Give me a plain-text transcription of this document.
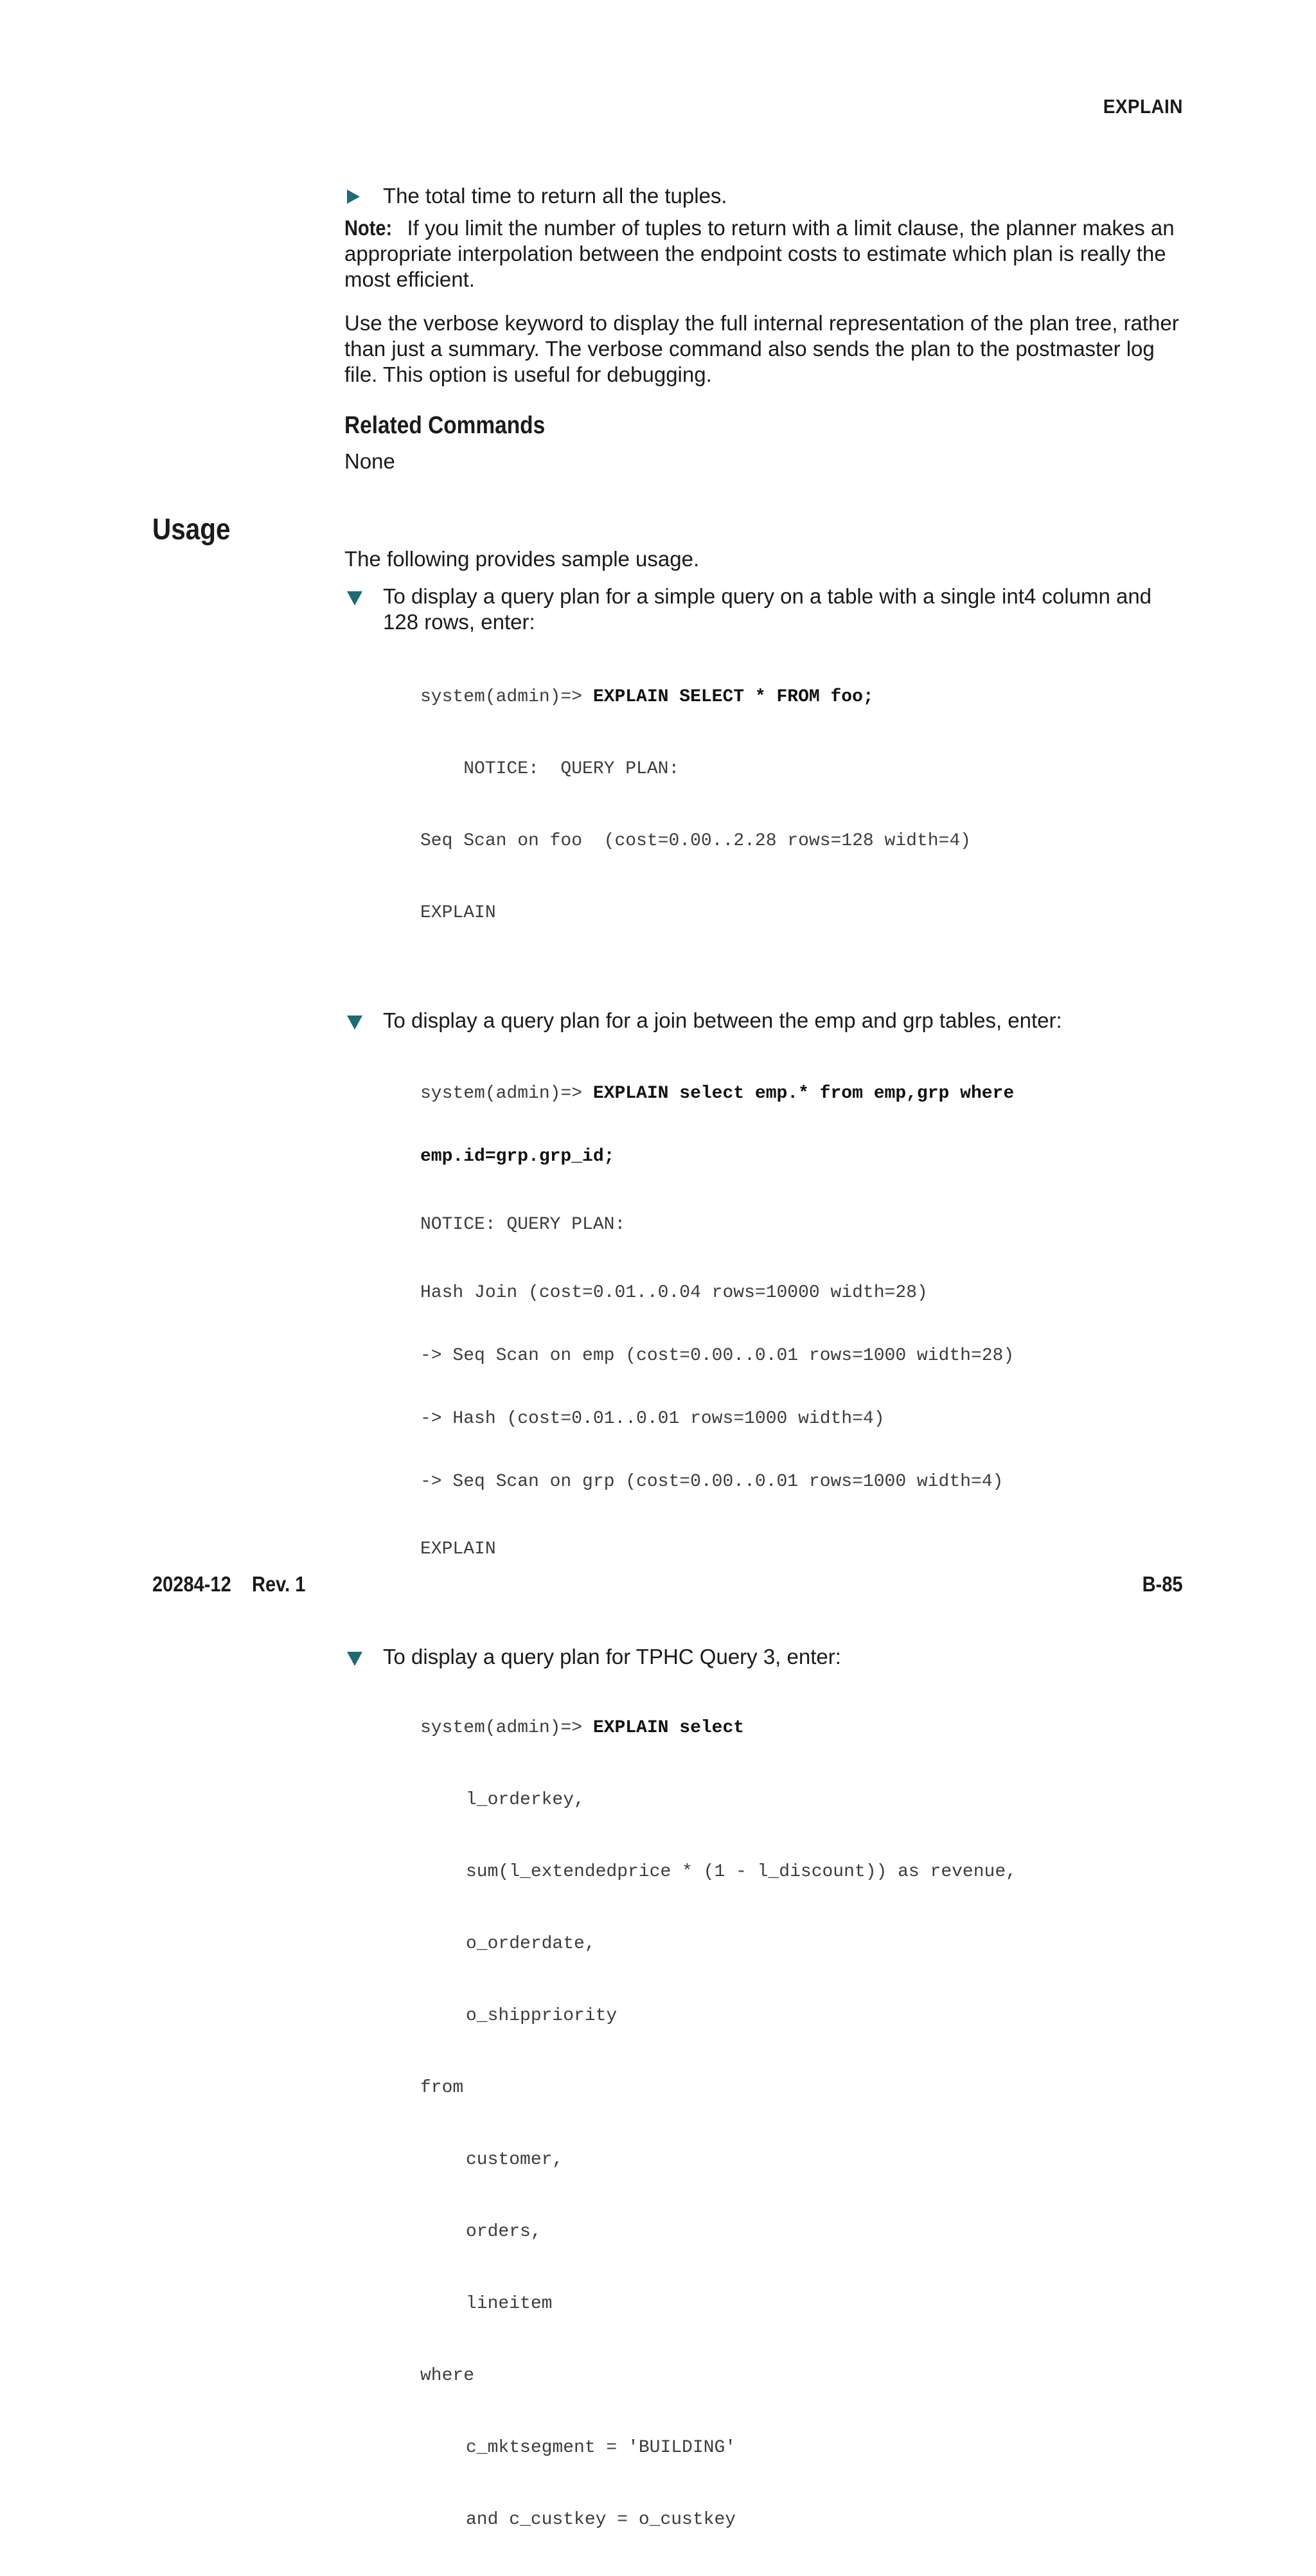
EXPLAIN
Usage
The total time to return all the tuples.
Note: If you limit the number of tuples to return with a limit clause, the planner makes an appropriate interpolation between the endpoint costs to estimate which plan is really the most efficient.
Use the verbose keyword to display the full internal representation of the plan tree, rather than just a summary. The verbose command also sends the plan to the postmaster log file. This option is useful for debugging.
Related Commands
None
The following provides sample usage.
To display a query plan for a simple query on a table with a single int4 column and 128 rows, enter:

system(admin)=> EXPLAIN SELECT * FROM foo;

NOTICE:  QUERY PLAN:

Seq Scan on foo  (cost=0.00..2.28 rows=128 width=4)

EXPLAIN

To display a query plan for a join between the emp and grp tables, enter:

system(admin)=> EXPLAIN select emp.* from emp,grp where

emp.id=grp.grp_id;

NOTICE: QUERY PLAN:

Hash Join (cost=0.01..0.04 rows=10000 width=28)

-> Seq Scan on emp (cost=0.00..0.01 rows=1000 width=28)

-> Hash (cost=0.01..0.01 rows=1000 width=4)

-> Seq Scan on grp (cost=0.00..0.01 rows=1000 width=4)

EXPLAIN

To display a query plan for TPHC Query 3, enter:

system(admin)=> EXPLAIN select

l_orderkey,

sum(l_extendedprice * (1 - l_discount)) as revenue,

o_orderdate,

o_shippriority

from

customer,

orders,

lineitem

where

c_mktsegment = 'BUILDING'

and c_custkey = o_custkey

20284-12 Rev. 1	B-85
